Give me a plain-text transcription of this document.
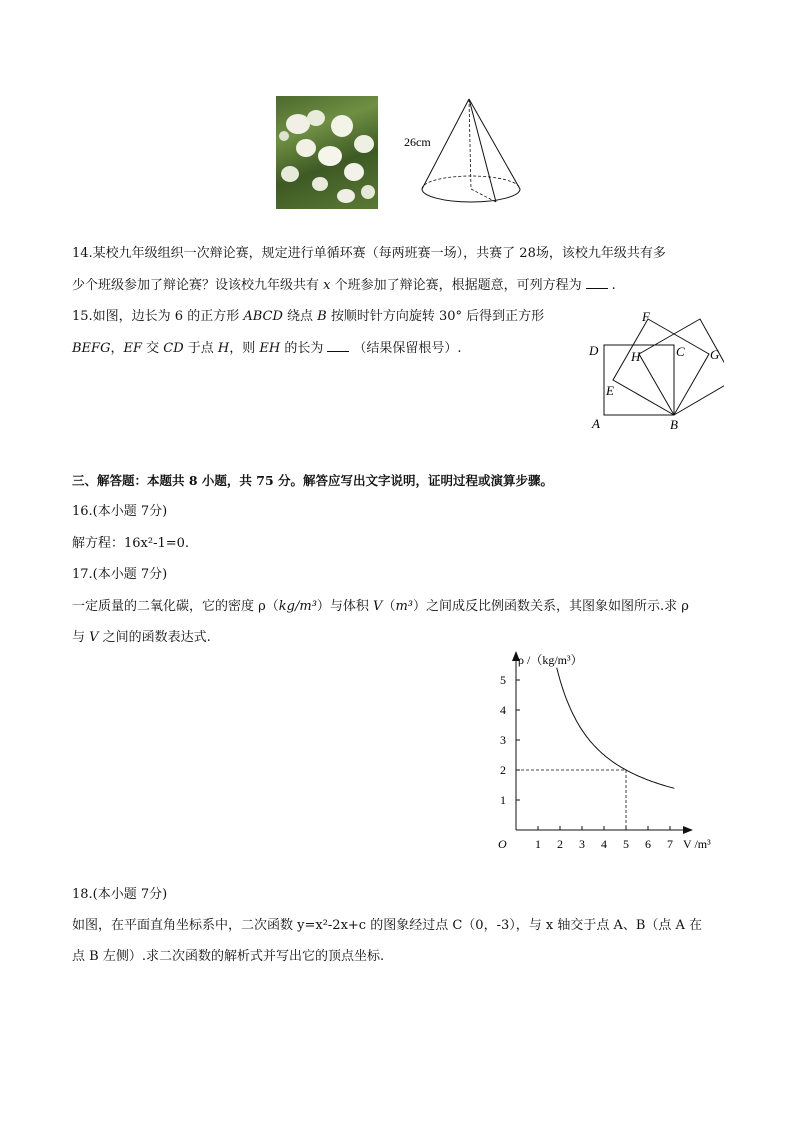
26cm
14.某校九年级组织一次辩论赛，规定进行单循环赛（每两班赛一场），共赛了 28场，该校九年级共有多
少个班级参加了辩论赛？设该校九年级共有 x 个班参加了辩论赛，根据题意，可列方程为 .
15.如图，边长为 6 的正方形 ABCD 绕点 B 按顺时针方向旋转 30° 后得到正方形
BEFG，EF 交 CD 于点 H，则 EH 的长为 （结果保留根号）.
A	B
C
D
E
F
G
H
三、解答题：本题共 8 小题，共 75 分。解答应写出文字说明，证明过程或演算步骤。
16.(本小题 7分)
解方程：16x²-1=0.
17.(本小题 7分)
一定质量的二氧化碳，它的密度 ρ（kg/m³）与体积 V（m³）之间成反比例函数关系，其图象如图所示.求 ρ
与 V 之间的函数表达式.
1 2 3 4 5 6 7
1
2
3
4
5
O
ρ /（kg/m³）
V /m³
18.(本小题 7分)
如图，在平面直角坐标系中，二次函数 y=x²-2x+c 的图象经过点 C（0，-3），与 x 轴交于点 A、B（点 A 在
点 B 左侧）.求二次函数的解析式并写出它的顶点坐标.
